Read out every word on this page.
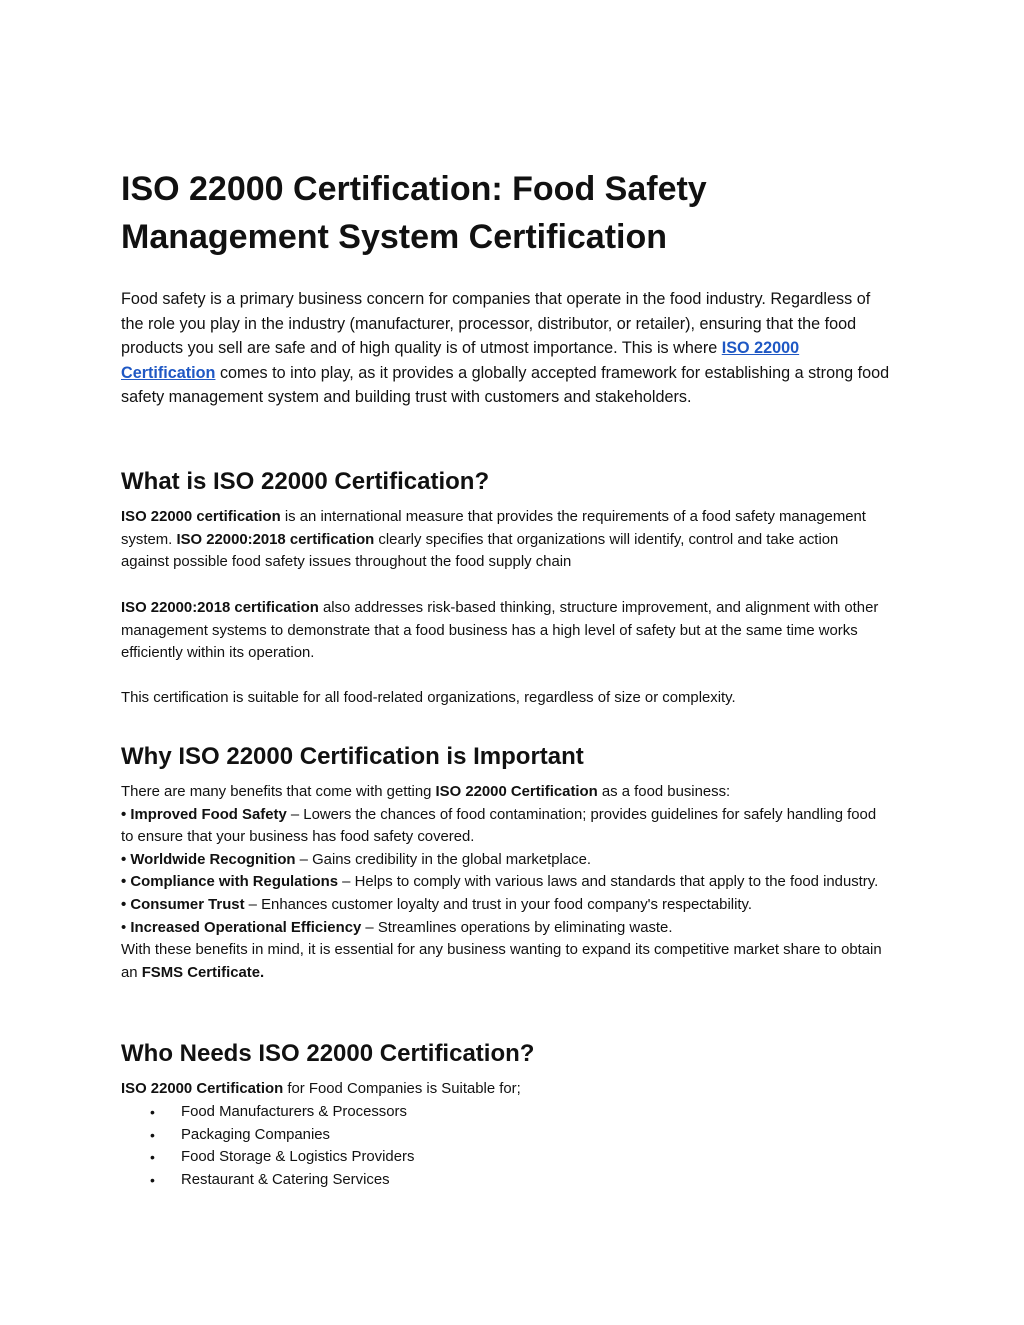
ISO 22000 Certification: Food Safety Management System Certification

Food safety is a primary business concern for companies that operate in the food industry. Regardless of the role you play in the industry (manufacturer, processor, distributor, or retailer), ensuring that the food products you sell are safe and of high quality is of utmost importance. This is where ISO 22000 Certification comes to into play, as it provides a globally accepted framework for establishing a strong food safety management system and building trust with customers and stakeholders.

What is ISO 22000 Certification?

ISO 22000 certification is an international measure that provides the requirements of a food safety management system. ISO 22000:2018 certification clearly specifies that organizations will identify, control and take action against possible food safety issues throughout the food supply chain

ISO 22000:2018 certification also addresses risk-based thinking, structure improvement, and alignment with other management systems to demonstrate that a food business has a high level of safety but at the same time works efficiently within its operation.

This certification is suitable for all food-related organizations, regardless of size or complexity.

Why ISO 22000 Certification is Important
There are many benefits that come with getting ISO 22000 Certification as a food business:
• Improved Food Safety – Lowers the chances of food contamination; provides guidelines for safely handling food to ensure that your business has food safety covered.
• Worldwide Recognition – Gains credibility in the global marketplace.
• Compliance with Regulations – Helps to comply with various laws and standards that apply to the food industry.
• Consumer Trust – Enhances customer loyalty and trust in your food company's respectability.
• Increased Operational Efficiency – Streamlines operations by eliminating waste.
With these benefits in mind, it is essential for any business wanting to expand its competitive market share to obtain an FSMS Certificate.
Who Needs ISO 22000 Certification?

ISO 22000 Certification for Food Companies is Suitable for;

• Food Manufacturers & Processors
• Packaging Companies
• Food Storage & Logistics Providers
• Restaurant & Catering Services
